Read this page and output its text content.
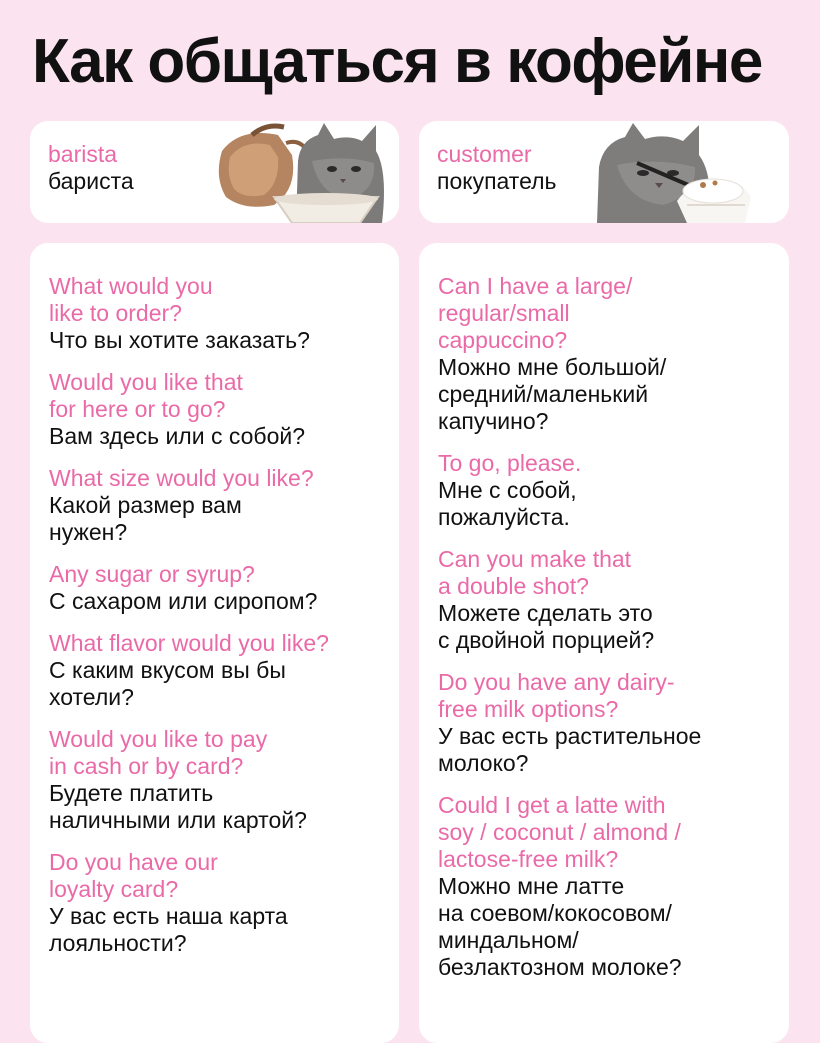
Как общаться в кофейне
barista
бариста
customer
покупатель
What would you
like to order?
Что вы хотите заказать?
Would you like that
for here or to go?
Вам здесь или с собой?
What size would you like?
Какой размер вам
нужен?
Any sugar or syrup?
С сахаром или сиропом?
What flavor would you like?
С каким вкусом вы бы
хотели?
Would you like to pay
in cash or by card?
Будете платить
наличными или картой?
Do you have our
loyalty card?
У вас есть наша карта
лояльности?
Can I have a large/
regular/small
cappuccino?
Можно мне большой/
средний/маленький
капучино?
To go, please.
Мне с собой,
пожалуйста.
Can you make that
a double shot?
Можете сделать это
с двойной порцией?
Do you have any dairy-
free milk options?
У вас есть растительное
молоко?
Could I get a latte with
soy / coconut / almond /
lactose-free milk?
Можно мне латте
на соевом/кокосовом/
миндальном/
безлактозном молоке?
